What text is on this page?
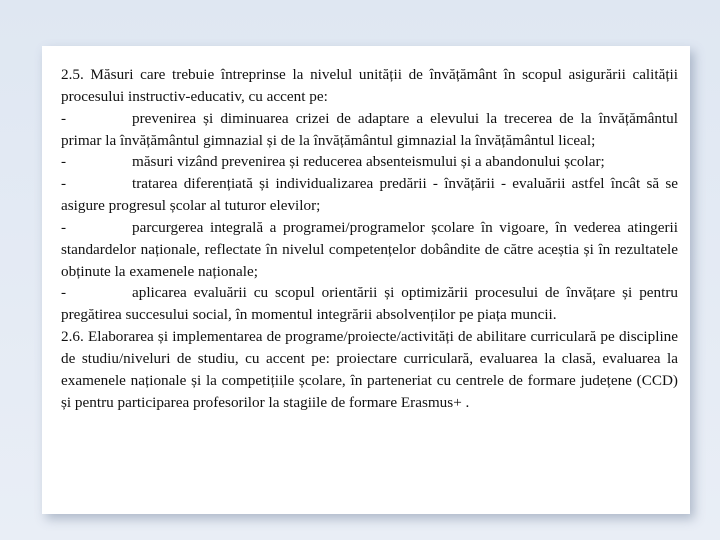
2.5. Măsuri care trebuie întreprinse la nivelul unității de învățământ în scopul asigurării calității procesului instructiv-educativ, cu accent pe:

-	prevenirea și diminuarea crizei de adaptare a elevului la trecerea de la învățământul primar la învățământul gimnazial și de la învățământul gimnazial la învățământul liceal;

-	măsuri vizând prevenirea și reducerea absenteismului și a abandonului școlar;

-	tratarea diferențiată și individualizarea predării - învățării - evaluării astfel încât să se asigure progresul școlar al tuturor elevilor;

-	parcurgerea integrală a programei/programelor școlare în vigoare, în vederea atingerii standardelor naționale, reflectate în nivelul competențelor dobândite de către aceștia și în rezultatele obținute la examenele naționale;

-	aplicarea evaluării cu scopul orientării și optimizării procesului de învățare și pentru pregătirea succesului social, în momentul integrării absolvenților pe piața muncii.

2.6. Elaborarea și implementarea de programe/proiecte/activități de abilitare curriculară pe discipline de studiu/niveluri de studiu, cu accent pe: proiectare curriculară, evaluarea la clasă, evaluarea la examenele naționale și la competițiile școlare, în parteneriat cu centrele de formare județene (CCD) și pentru participarea profesorilor la stagiile de formare Erasmus+ .
